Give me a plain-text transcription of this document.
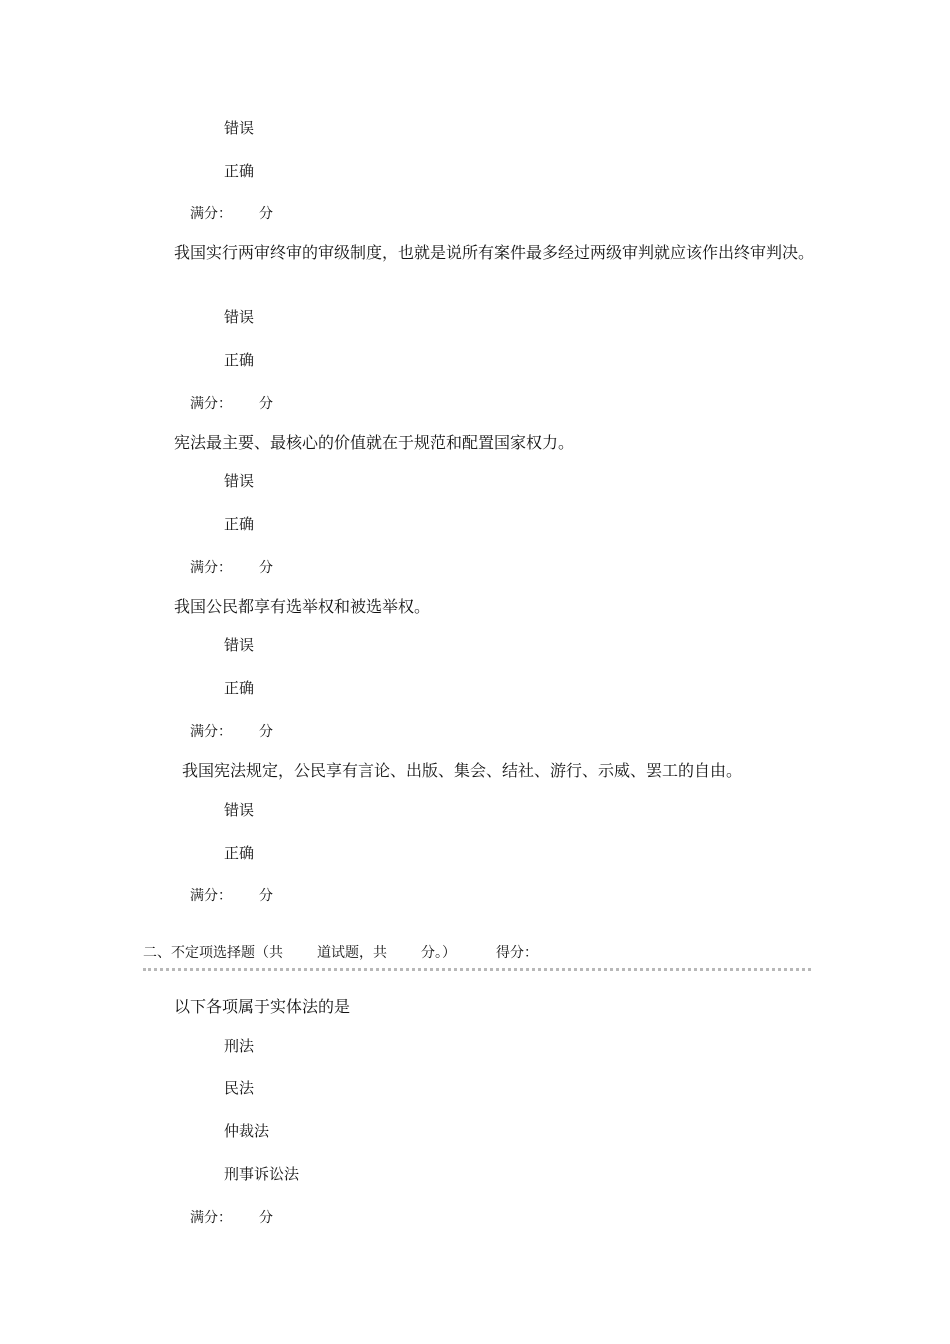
错误
正确
满分： 分
我国实行两审终审的审级制度，也就是说所有案件最多经过两级审判就应该作出终审判决。
错误
正确
满分： 分
宪法最主要、最核心的价值就在于规范和配置国家权力。
错误
正确
满分： 分
我国公民都享有选举权和被选举权。
错误
正确
满分： 分
我国宪法规定，公民享有言论、出版、集会、结社、游行、示威、罢工的自由。
错误
正确
满分： 分
二、不定项选择题（共 道试题，共 分。）	得分：
以下各项属于实体法的是
刑法
民法
仲裁法
刑事诉讼法
满分： 分
